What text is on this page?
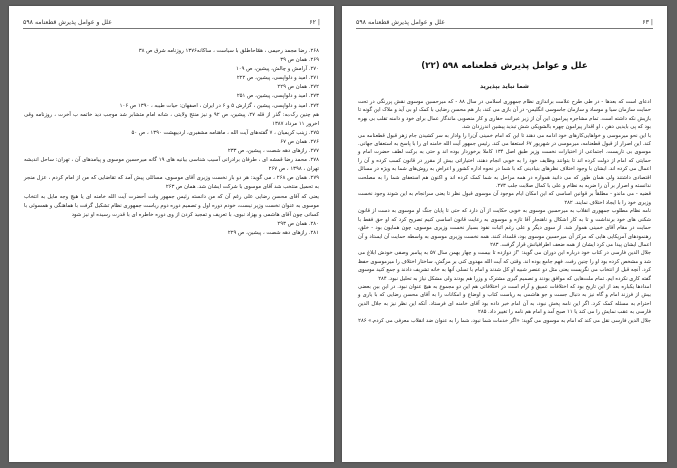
| ۶۲
علل و عوامل پذیرش قطعنامه ۵۹۸

۲۶۸. رضا مجمد رحیمی ، همّاحاطلق با سیاست ، ساکانه۱۳۷۶ روزنامه شرق ص ۳۸

۲۶۹. همان ص ۳۹

۲۷۰. آرامش و چالش، پیشین، ص ۱۰۹

۲۷۱. امید و دلواپسی، پیشین، ص ۲۲۲

۲۷۲. همان ص ۲۲۹

۲۷۳. امید و دلواپسی، پیشین، ص ۲۵۱

۲۷۴. امید و دلواپسی، پیشین ، گزارش ۵ و ۶ در ایران ، اصفهان: حیات طیبه ، ۱۳۹۰ ص ۱۰۶

هم چنین رک،به: گذر از قله ۲۷، پیشین، ص ۹۲ و نیز منتج ولایتی ، شانه امام متشابر شد موجب دید خاتمه ب آخرت ، روزنامه وقی اخرور ۱۱ مرداد ۱۳۸۷

۲۷۵. زینب کریمیان ، ۷ گفته‌های آیت الله ، ماهنامه مشفیری، اردیبهشت ۱۳۹۰ ، ص ۵۰

۲۷۶. همان ص ۶۷

۲۷۷. رازهای دهه شصت ، پیشین، ص ۲۳۳

۲۷۸. محمد رضا قمشه ای ، طرفان برادرانی آسیب شناسی بیانیه های ۱۹ گانه میرحسین موسوی و پیامدهای آن ، تهران: ساحل اندیشه تهران ، ۱۳۹۸ ، ص ۲۶۷

۲۷۹. همان ص ۲۶۸ ، می گوید: هر دو بار نخست وزیری آقای موسوی، مسائلی پیش آمد که تقاضایی که من از امام کردم ، عزل منجر به تحمیل منتخب شد آقای موسوی با شرکت ایشان شد. همان ص ۲۶۳

یعنی که آقای محسن رضایی علی رغم آن که من دانسته رئیس جمهور وقت آحضرت آیت الله خامنه ای یا هیچ وجه مایل به انتخاب موسوی به عنوان نخست وزیر نیست، خودم دوره اول و تصمیم دوره دوم ریاست جمهوری نظام تشکیل گرفت با هماهنگی و همسوئی با کسانی چون آقای هاشمی و بهزاد نبوی، با تعریف و تمجید کردن از وی دوره خاطره ای با قدرت رسیده او نیز شود

۲۸۰. همان ص ۲۹۳

۲۸۱. رازهای دهه شصت ، پیشین، ص ۲۲۹

| ۶۳
علل و عوامل پذیرش قطعنامه ۵۹۸
علل و عوامل پذیرش قطعنامه ۵۹۸ (۲۲)
شما نباید بپذیرید

ادعای است که بعدها - در طی طرح علامت براندازی نظام جمهوری اسلامی در سال ۸۸ - که میرحسین موسوی نقش پررنگی در تحت حمایت سازمان سیا و موساد و سازمان جاسوسی انگلیس- در آن بازی می کند، بار هم محسن رضایی با کمک او بی آید و ملاک این گونه تا بازیش نکه داشته است. تمام مشاجره پیرامون این آن از زیر عبرانت حفاری و کار منصوبی ماندگار عمال برای خود و دامنه تقلب بی بهره بود که پی بایدیی ذهن ، او اقدار پیرامون چهره بالشویکی شش تبدید پیشین اندرزدان شد.

با این نحو میرموسی و خواهایی‌کارهای خود ادامه می دهند تا این که امام خمینی آن‌را را وادار به سر کشیدن جام زهر قبول قطعنامه می کند. این اصرار از قبول قطعنامه، میرموسی در شهریور ۶۷ استعفا می کند. رئیس جمهور آیت الله خامنه ای را با پاسخ به استعفای جهانی. موسوی بی تاریست. اجتماعی از اختیارات نخست وزیر طبق اصل ۱۳۴ کاملا برخوردار بوده اند و حتی به برکت لطف حضرت امام و حمایتی که امام از دولت کرده اند تا بتوانند وظایف خود را به خوبی انجام دهند، اختیاراتی بیش از مقرر در قانون کسب کرده و آن را اعمال می کرده اند. ایشان با وجود اختلاف نظرهای بنیادینی که با شما در نحوه اداره کشور و اعراض به روش‌های شما به ویژه در مسائل اقتصادی داشتند ولی همان طور که می دانید همواره در همه مراحل به شما کمک کرده اند و اکنون هم استعفای شما را به مصلحت ندانسته و اصرار بر آن را ضربه به نظام و علی با کمال صلابت جلب ۲۷۳.

قضیه - می ماندو - مطلقاً بر قوانین اساسی که این امکان ایام موجود آن موسوی قبول نظر تا یعنی سرانجام به این شوند وجود نخست وزیری خود را با ایجاد اختلاف نمایند. ۲۸۲

نامه نظام مطلوب جمهوری انقلاب به میرحسین موسوی به خوبی حکایت از آن دارد که حتی تا پایان جنگ او موسوی به دست از قانون شکنی های خود برنداشت و تا به کار اشکال و ناهنجار آقا تازه و موسوی به رعایت قانون اساسی کنیم تصریح کرد که او حق فقط با حمایت در مقام آقای خمینی هموار شد. از سوی دیگر و علی رغم اثبات نفوذ بسیار نخست وزیری موسوی، چون همایون بود - خلق، رهنمودهای آمریکایی هایی که مرکز آن میرحسین موسوی بود، قلمداد کنند. همه نخست وزیری موسوی به واسطه حمایت آن ایستاد و آن اعمال ایشان پیدا می کرد ایشان از همه ضعف اطرافیانش قرار گرفت. ۲۸۳

جلال الدین فارسی در کتاب خود درباره این دوران می گوید: "از دوازده تا بیست و چهار بهمن سال ۵۷ به پیامبر وصفی خودش ابلاغ می شد و مشخص کرده بود او را چنین رفت. فهم جامع بوده اند. وقتی که آیت الله مهدوی کنی بر مرگش، ساختار اختلاف را میرموسوی حفظ کرد. آنچه قبل از انتخاب می نگریست یعنی مثل دو عنصر شبیه او کل شدند و امام با تسلی آنها به خانه تشریف دادند و جمع کنید موسوی گفته کاری نکرده ایم. تمام ملت‌هایی که موافق بودند و تصمیم گیری مشترک و وزرا هم بودند ولی مشکل نیاز به تحلیل نبود. ۲۸۴

امدادها یکباره بعد از این تاریخ بود که اختلافات عمیق و آرام است در اختلافاتی هم این دو مجموع به هیچ عنوان نبود. در این بین بعضی بیش از فرزند امام و گاه نیز به دنبال جست و جو هاشمی به ریاست کتاب و اوضاع و امکانات را به آقای محسن رضایی که با یاری و احترام به مسئله کمک کرد. اگر این نامه پخش نبود، به آن امام خبر داده بود آقای خامنه ای فرستاد. آنکه این نظر نیز به جلال الدین فارسی به عقب نمایش را می کند یا ۱۱ صبح آمد و امام هم نامه را تغییر داد. ۲۸۵

جلال الدین فارسی نقل می کند که امام به موسوی می گوید: «اگر خدمات شما نبود، شما را به عنوان ضد انقلاب معرفی می کردم.» ۲۸۶
